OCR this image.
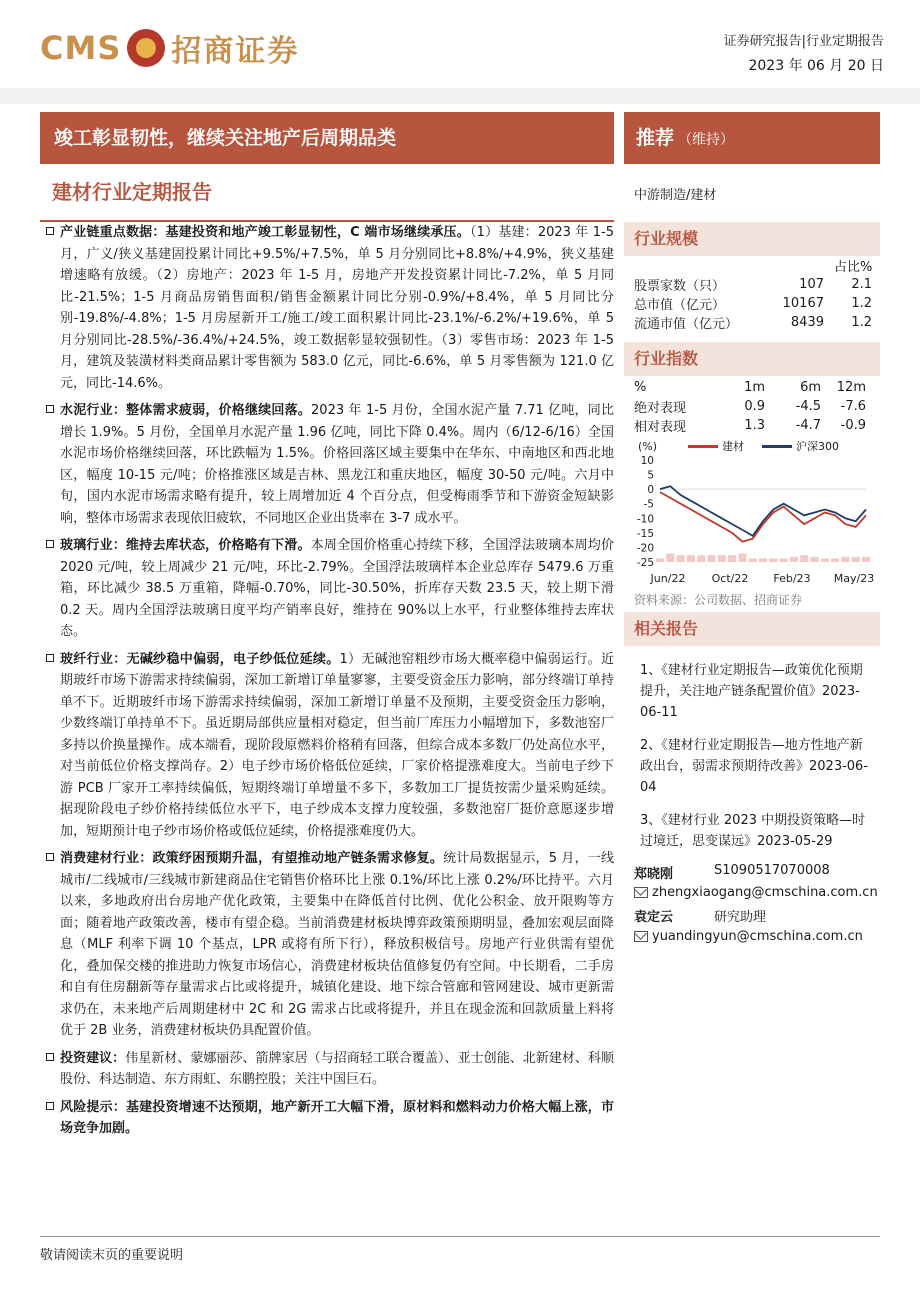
CMS 招商证券	证券研究报告|行业定期报告
2023 年 06 月 20 日
竣工彰显韧性，继续关注地产后周期品类	推荐 （维持）
建材行业定期报告
产业链重点数据：基建投资和地产竣工彰显韧性，C 端市场继续承压。（1）基建：2023 年 1-5 月，广义/狭义基建固投累计同比+9.5%/+7.5%，单 5 月分别同比+8.8%/+4.9%，狭义基建增速略有放缓。（2）房地产：2023 年 1-5 月，房地产开发投资累计同比-7.2%，单 5 月同比-21.5%；1-5 月商品房销售面积/销售金额累计同比分别-0.9%/+8.4%，单 5 月同比分别-19.8%/-4.8%；1-5 月房屋新开工/施工/竣工面积累计同比-23.1%/-6.2%/+19.6%，单 5 月分别同比-28.5%/-36.4%/+24.5%，竣工数据彰显较强韧性。（3）零售市场：2023 年 1-5 月，建筑及装潢材料类商品累计零售额为 583.0 亿元，同比-6.6%，单 5 月零售额为 121.0 亿元，同比-14.6%。
水泥行业：整体需求疲弱，价格继续回落。2023 年 1-5 月份，全国水泥产量 7.71 亿吨，同比增长 1.9%。5 月份，全国单月水泥产量 1.96 亿吨，同比下降 0.4%。周内（6/12-6/16）全国水泥市场价格继续回落，环比跌幅为 1.5%。价格回落区域主要集中在华东、中南地区和西北地区，幅度 10-15 元/吨；价格推涨区域是吉林、黑龙江和重庆地区，幅度 30-50 元/吨。六月中旬，国内水泥市场需求略有提升，较上周增加近 4 个百分点，但受梅雨季节和下游资金短缺影响，整体市场需求表现依旧疲软，不同地区企业出货率在 3-7 成水平。
玻璃行业：维持去库状态，价格略有下滑。本周全国价格重心持续下移，全国浮法玻璃本周均价 2020 元/吨，较上周减少 21 元/吨，环比-2.79%。全国浮法玻璃样本企业总库存 5479.6 万重箱，环比减少 38.5 万重箱，降幅-0.70%，同比-30.50%，折库存天数 23.5 天，较上期下滑 0.2 天。周内全国浮法玻璃日度平均产销率良好，维持在 90%以上水平，行业整体维持去库状态。
玻纤行业：无碱纱稳中偏弱，电子纱低位延续。1）无碱池窑粗纱市场大概率稳中偏弱运行。近期玻纤市场下游需求持续偏弱，深加工新增订单量寥寥，主要受资金压力影响，部分终端订单持单不下。近期玻纤市场下游需求持续偏弱，深加工新增订单量不及预期，主要受资金压力影响，少数终端订单持单不下。虽近期局部供应量相对稳定，但当前厂库压力小幅增加下，多数池窑厂多持以价换量操作。成本端看，现阶段原燃料价格稍有回落，但综合成本多数厂仍处高位水平，对当前低位价格支撑尚存。2）电子纱市场价格低位延续，厂家价格提涨难度大。当前电子纱下游 PCB 厂家开工率持续偏低，短期终端订单增量不多下，多数加工厂提货按需少量采购延续。据现阶段电子纱价格持续低位水平下，电子纱成本支撑力度较强，多数池窑厂挺价意愿逐步增加，短期预计电子纱市场价格或低位延续，价格提涨难度仍大。
消费建材行业：政策纾困预期升温，有望推动地产链条需求修复。统计局数据显示，5 月，一线城市/二线城市/三线城市新建商品住宅销售价格环比上涨 0.1%/环比上涨 0.2%/环比持平。六月以来，多地政府出台房地产优化政策，主要集中在降低首付比例、优化公积金、放开限购等方面；随着地产政策改善，楼市有望企稳。当前消费建材板块博弈政策预期明显，叠加宏观层面降息（MLF 利率下调 10 个基点，LPR 或将有所下行），释放积极信号。房地产行业供需有望优化，叠加保交楼的推进助力恢复市场信心，消费建材板块估值修复仍有空间。中长期看，二手房和自有住房翻新等存量需求占比或将提升，城镇化建设、地下综合管廊和管网建设、城市更新需求仍在，未来地产后周期建材中 2C 和 2G 需求占比或将提升，并且在现金流和回款质量上料将优于 2B 业务，消费建材板块仍具配置价值。
投资建议：伟星新材、蒙娜丽莎、箭牌家居（与招商轻工联合覆盖）、亚士创能、北新建材、科顺股份、科达制造、东方雨虹、东鹏控股；关注中国巨石。
风险提示：基建投资增速不达预期，地产新开工大幅下滑，原材料和燃料动力价格大幅上涨，市场竞争加剧。
中游制造/建材
行业规模
占比%
股票家数（只）	107	2.1
总市值（亿元）	10167	1.2
流通市值（亿元）	8439	1.2
行业指数
%	1m	6m	12m
绝对表现	0.9	-4.5	-7.6
相对表现	1.3	-4.7	-0.9
建材	沪深300
(%)
10
5
0
-5
-10
-15
-20
-25
Jun/22 Oct/22 Feb/23 May/23
资料来源：公司数据、招商证券
相关报告
1、《建材行业定期报告—政策优化预期提升，关注地产链条配置价值》2023-06-11
2、《建材行业定期报告—地方性地产新政出台，弱需求预期待改善》2023-06-04
3、《建材行业 2023 中期投资策略—时过境迁，思变谋远》2023-05-29
郑晓刚	S1090517070008
zhengxiaogang@cmschina.com.cn
袁定云	研究助理
yuandingyun@cmschina.com.cn
敬请阅读末页的重要说明
